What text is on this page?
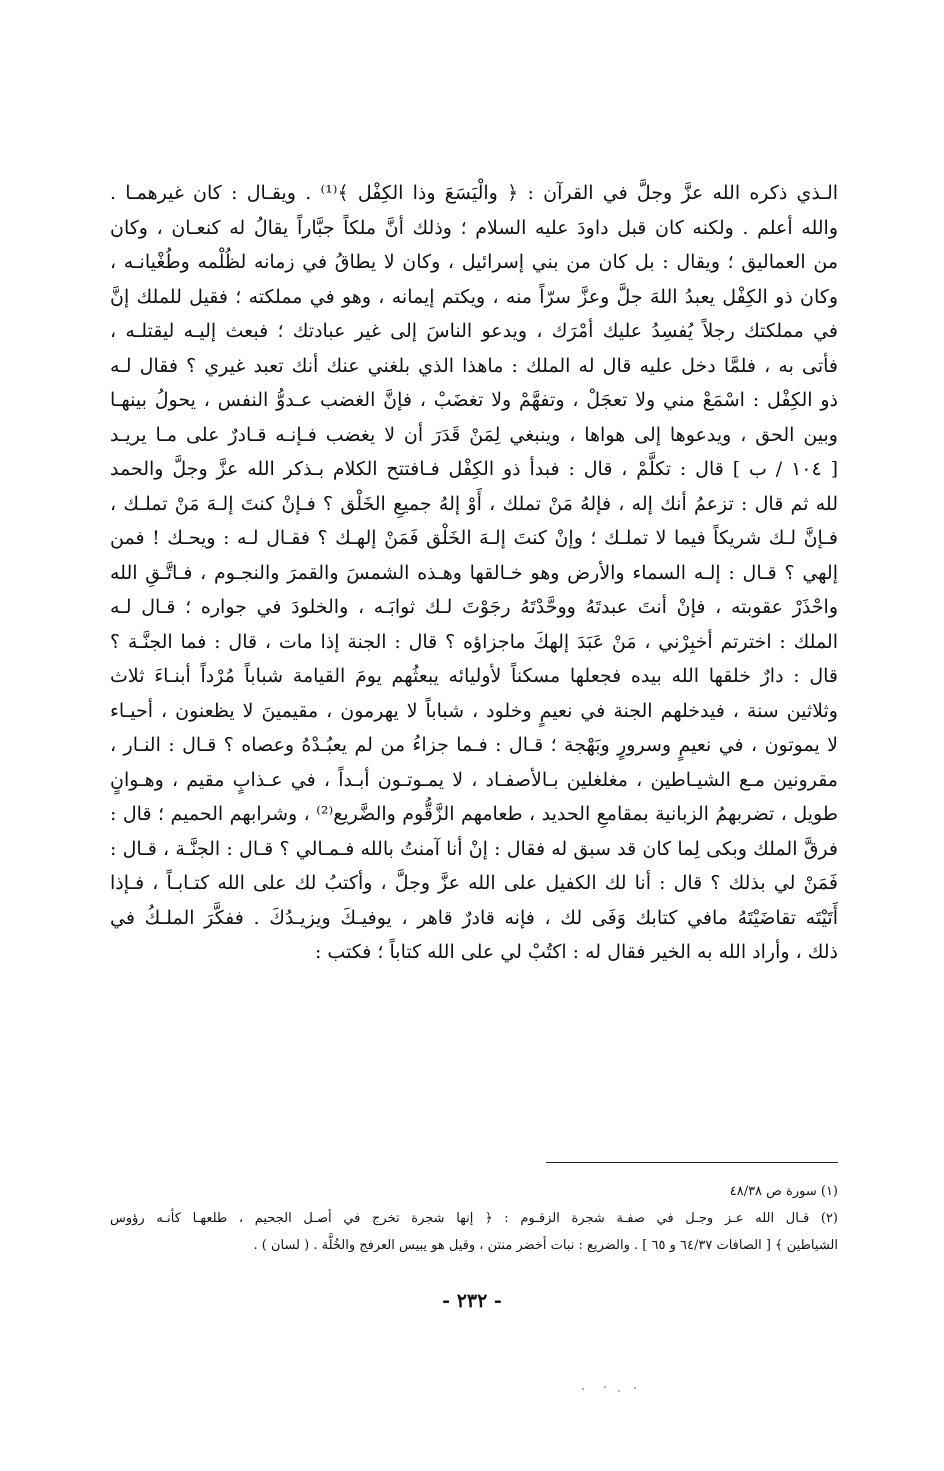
الـذي ذكره الله عزَّ وجلَّ في القرآن : ﴿ والْيَسَعَ وذا الكِفْل ﴾⁽¹⁾ . ويقـال : كان غيرهمـا .
والله أعلم . ولكنه كان قبل داودَ عليه السلام ؛ وذلك أنَّ ملكاً جبَّاراً يقالُ له كنعـان ، وكان
من العماليق ؛ ويقال : بل كان من بني إسرائيل ، وكان لا يطاقُ في زمانه لظُلْمه وطُغْيانـه ،
وكان ذو الكِفْل يعبدُ اللهَ جلَّ وعزَّ سرّاً منه ، ويكتم إيمانه ، وهو في مملكته ؛ فقيل للملك إنَّ
في مملكتك رجلاً يُفسِدُ عليك أمْرَك ، ويدعو الناسَ إلى غير عبادتك ؛ فبعث إليـه ليقتلـه ،
فأتى به ، فلمَّا دخل عليه قال له الملك : ماهذا الذي بلغني عنك أنك تعبد غيري ؟ فقال لـه
ذو الكِفْل : اسْمَعْ مني ولا تعجَلْ ، وتفهَّمْ ولا تغضَبْ ، فإنَّ الغضب عـدوُّ النفس ، يحولُ بينهـا
وبين الحق ، ويدعوها إلى هواها ، وينبغي لِمَنْ قَدَرَ أن لا يغضب فـإنـه قـادرٌ على مـا يريـد
[ ١٠٤ / ب ] قال : تكلَّمْ ، قال : فبدأ ذو الكِفْل فـافتتح الكلام بـذكر الله عزَّ وجلَّ والحمد
لله ثم قال : تزعمُ أنك إله ، فإلهُ مَنْ تملك ، أَوْ إلهُ جميعِ الخَلْق ؟ فـإنْ كنتَ إلـهَ مَنْ تملـك ،
فـإنَّ لـك شريكاً فيما لا تملـك ؛ وإنْ كنتَ إلـهَ الخَلْق فَمَنْ إلهـك ؟ فقـال لـه : ويحـك ! فمن
إلهي ؟ قـال : إلـه السماء والأرض وهو خـالقها وهـذه الشمسَ والقمرَ والنجـوم ، فـاتَّـقِ الله
واحْذَرْ عقوبته ، فإنْ أنتَ عبدتَهُ ووحَّدْتَهُ رجَوْتَ لـك ثوابَـه ، والخلودَ في جواره ؛ قـال لـه
الملك : اخترتم أخبِرْني ، مَنْ عَبَدَ إلهكَ ماجزاؤه ؟ قال : الجنة إذا مات ، قال : فما الجنَّـة ؟
قال : دارٌ خلقها الله بيده فجعلها مسكناً لأوليائه يبعثُهم يومَ القيامة شباباً مُرْداً أبنـاءَ ثلاث
وثلاثين سنة ، فيدخلهم الجنة في نعيمٍ وخلود ، شباباً لا يهرمون ، مقيمينَ لا يظعنون ، أحيـاء
لا يموتون ، في نعيمٍ وسرورٍ وبَهْجة ؛ قـال : فـما جزاءُ من لم يعبُـدْهُ وعصاه ؟ قـال : النـار ،
مقرونين مـع الشيـاطين ، مغلغلين بـالأصفـاد ، لا يمـوتـون أبـداً ، في عـذابٍ مقيم ، وهـوانٍ
طويل ، تضربهمُ الزبانية بمقامعِ الحديد ، طعامهم الزَّقُّوم والضَّريع⁽²⁾ ، وشرابهم الحميم ؛ قال :
فرقَّ الملك وبكى لِما كان قد سبق له فقال : إنْ أنا آمنتُ بالله فـمـالي ؟ قـال : الجنَّـة ، قـال :
فَمَنْ لي بذلك ؟ قال : أنا لك الكفيل على الله عزَّ وجلَّ ، وأكتبُ لك على الله كتـابـاً ، فـإذا
أَتَيْتَه تقاضَيْتَهُ مافي كتابك وَفَى لك ، فإنه قادرٌ قاهر ، يوفيـكَ ويزيـدُكَ . ففكَّرَ الملـكُ في
ذلك ، وأراد الله به الخير فقال له : اكتُبْ لي على الله كتاباً ؛ فكتب :
(١) سورة ص ٤٨/٣٨
(٢) قـال الله عـز وجـل في صفـة شجرة الزقـوم : ﴿ إنها شجرة تخرج في أصـل الجحيم ، طلعهـا كأنـه رؤوس
الشياطين ﴾ [ الصافات ٦٤/٣٧ و ٦٥ ] . والضريع : نبات أخضر منتن ، وقيل هو يبيس العرفج والخُلَّة . ( لسان ) .
- ٢٣٢ -
